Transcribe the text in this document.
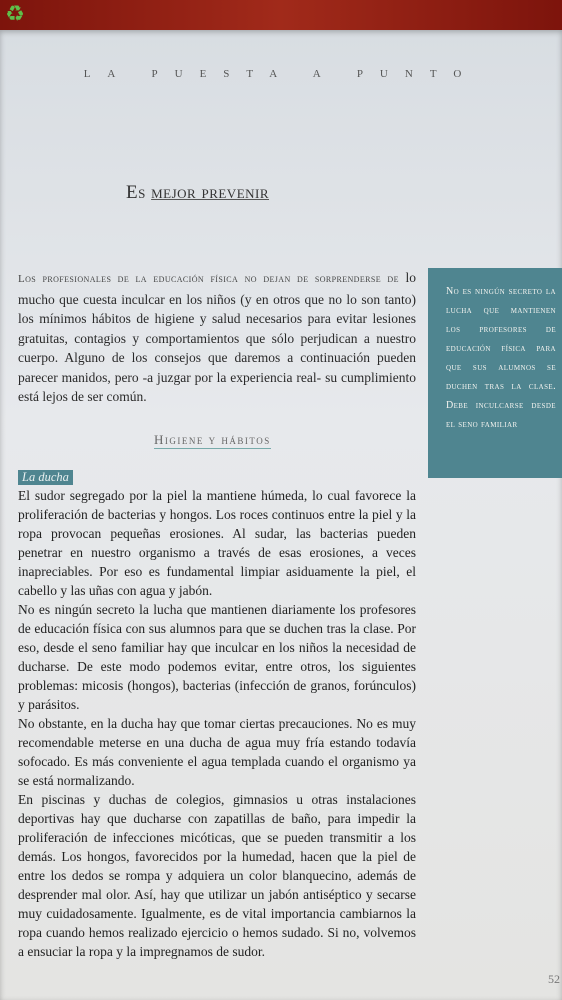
♻
LA PUESTA A PUNTO
Es mejor prevenir
Los profesionales de la educación física no dejan de sorprenderse de lo mucho que cuesta inculcar en los niños (y en otros que no lo son tanto) los mínimos hábitos de higiene y salud necesarios para evitar lesiones gratuitas, contagios y comportamientos que sólo perjudican a nuestro cuerpo. Alguno de los consejos que daremos a continuación pueden parecer manidos, pero -a juzgar por la experiencia real- su cumplimiento está lejos de ser común.
No es ningún secreto la lucha que mantienen los profesores de educación física para que sus alumnos se duchen tras la clase. Debe inculcarse desde el seno familiar
Higiene y hábitos
La ducha

El sudor segregado por la piel la mantiene húmeda, lo cual favorece la proliferación de bacterias y hongos. Los roces continuos entre la piel y la ropa provocan pequeñas erosiones. Al sudar, las bacterias pueden penetrar en nuestro organismo a través de esas erosiones, a veces inapreciables. Por eso es fundamental limpiar asiduamente la piel, el cabello y las uñas con agua y jabón.

No es ningún secreto la lucha que mantienen diariamente los profesores de educación física con sus alumnos para que se duchen tras la clase. Por eso, desde el seno familiar hay que inculcar en los niños la necesidad de ducharse. De este modo podemos evitar, entre otros, los siguientes problemas: micosis (hongos), bacterias (infección de granos, forúnculos) y parásitos.

No obstante, en la ducha hay que tomar ciertas precauciones. No es muy recomendable meterse en una ducha de agua muy fría estando todavía sofocado. Es más conveniente el agua templada cuando el organismo ya se está normalizando.

En piscinas y duchas de colegios, gimnasios u otras instalaciones deportivas hay que ducharse con zapatillas de baño, para impedir la proliferación de infecciones micóticas, que se pueden transmitir a los demás. Los hongos, favorecidos por la humedad, hacen que la piel de entre los dedos se rompa y adquiera un color blanquecino, además de desprender mal olor. Así, hay que utilizar un jabón antiséptico y secarse muy cuidadosamente. Igualmente, es de vital importancia cambiarnos la ropa cuando hemos realizado ejercicio o hemos sudado. Si no, volvemos a ensuciar la ropa y la impregnamos de sudor.

52
